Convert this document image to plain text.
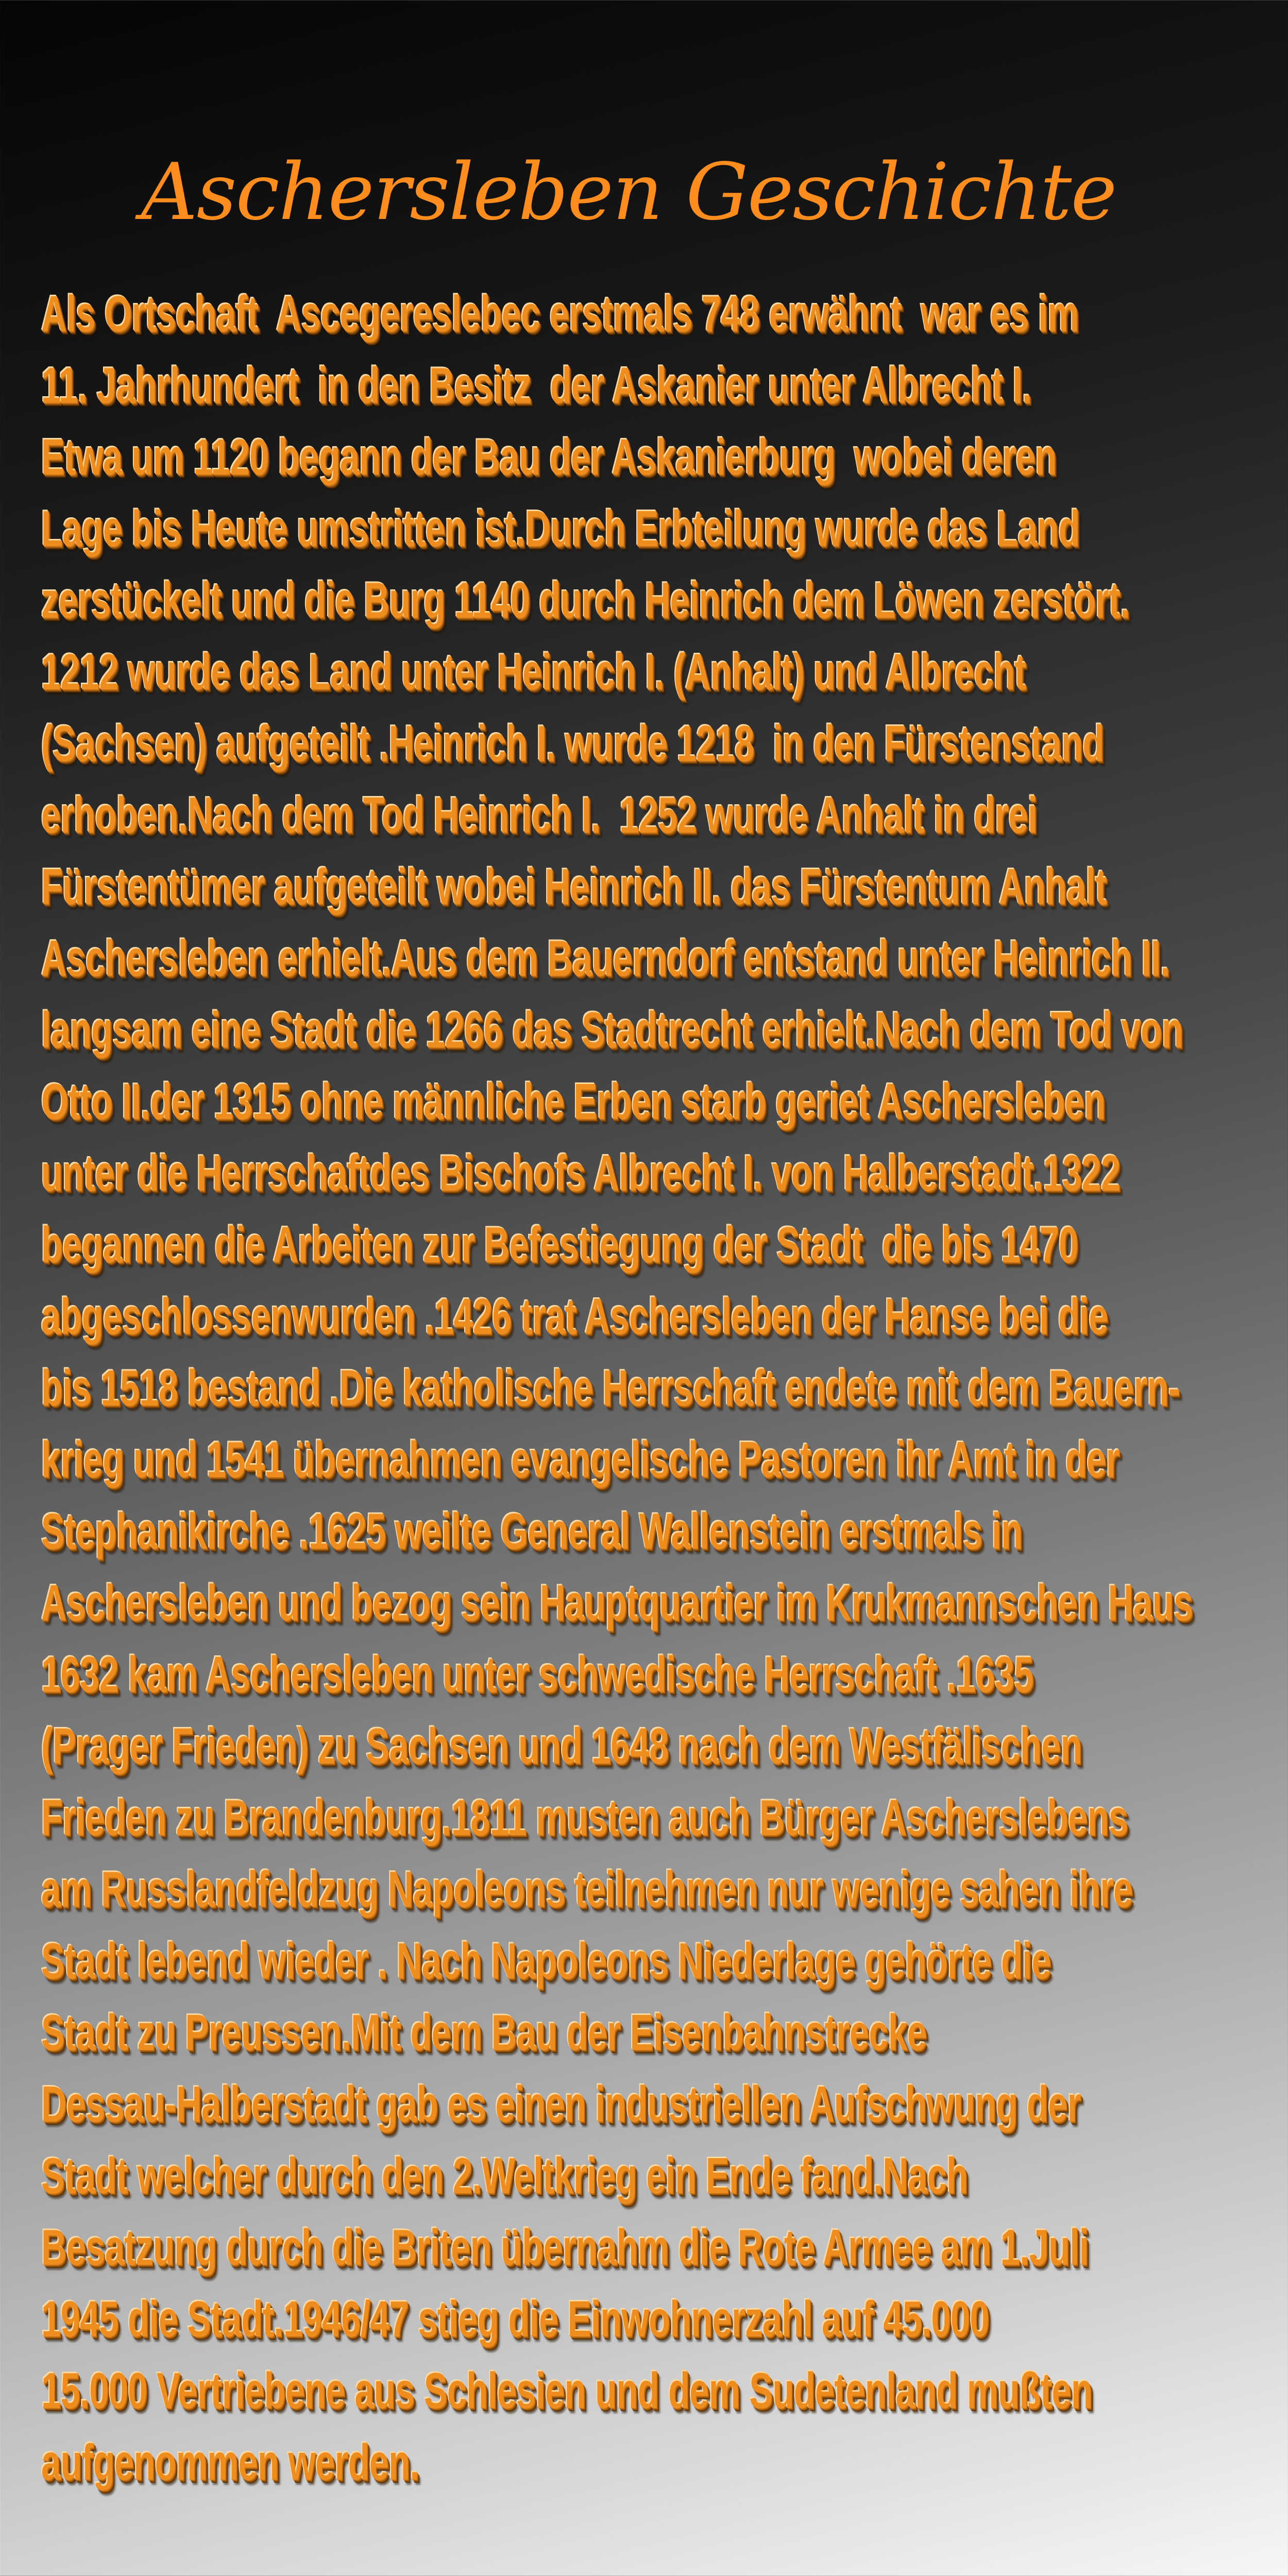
Aschersleben Geschichte
Als Ortschaft  Ascegereslebec erstmals 748 erwähnt  war es im
11. Jahrhundert  in den Besitz  der Askanier unter Albrecht I.
Etwa um 1120 begann der Bau der Askanierburg  wobei deren
Lage bis Heute umstritten ist.Durch Erbteilung wurde das Land
zerstückelt und die Burg 1140 durch Heinrich dem Löwen zerstört.
1212 wurde das Land unter Heinrich I. (Anhalt) und Albrecht
(Sachsen) aufgeteilt .Heinrich I. wurde 1218  in den Fürstenstand
erhoben.Nach dem Tod Heinrich I.  1252 wurde Anhalt in drei
Fürstentümer aufgeteilt wobei Heinrich II. das Fürstentum Anhalt
Aschersleben erhielt.Aus dem Bauerndorf entstand unter Heinrich II.
langsam eine Stadt die 1266 das Stadtrecht erhielt.Nach dem Tod von
Otto II.der 1315 ohne männliche Erben starb geriet Aschersleben
unter die Herrschaftdes Bischofs Albrecht I. von Halberstadt.1322
begannen die Arbeiten zur Befestiegung der Stadt  die bis 1470
abgeschlossenwurden .1426 trat Aschersleben der Hanse bei die
bis 1518 bestand .Die katholische Herrschaft endete mit dem Bauern-
krieg und 1541 übernahmen evangelische Pastoren ihr Amt in der
Stephanikirche .1625 weilte General Wallenstein erstmals in
Aschersleben und bezog sein Hauptquartier im Krukmannschen Haus
1632 kam Aschersleben unter schwedische Herrschaft .1635
(Prager Frieden) zu Sachsen und 1648 nach dem Westfälischen
Frieden zu Brandenburg.1811 musten auch Bürger Ascherslebens
am Russlandfeldzug Napoleons teilnehmen nur wenige sahen ihre
Stadt lebend wieder . Nach Napoleons Niederlage gehörte die
Stadt zu Preussen.Mit dem Bau der Eisenbahnstrecke
Dessau-Halberstadt gab es einen industriellen Aufschwung der
Stadt welcher durch den 2.Weltkrieg ein Ende fand.Nach
Besatzung durch die Briten übernahm die Rote Armee am 1.Juli
1945 die Stadt.1946/47 stieg die Einwohnerzahl auf 45.000
15.000 Vertriebene aus Schlesien und dem Sudetenland mußten
aufgenommen werden.
